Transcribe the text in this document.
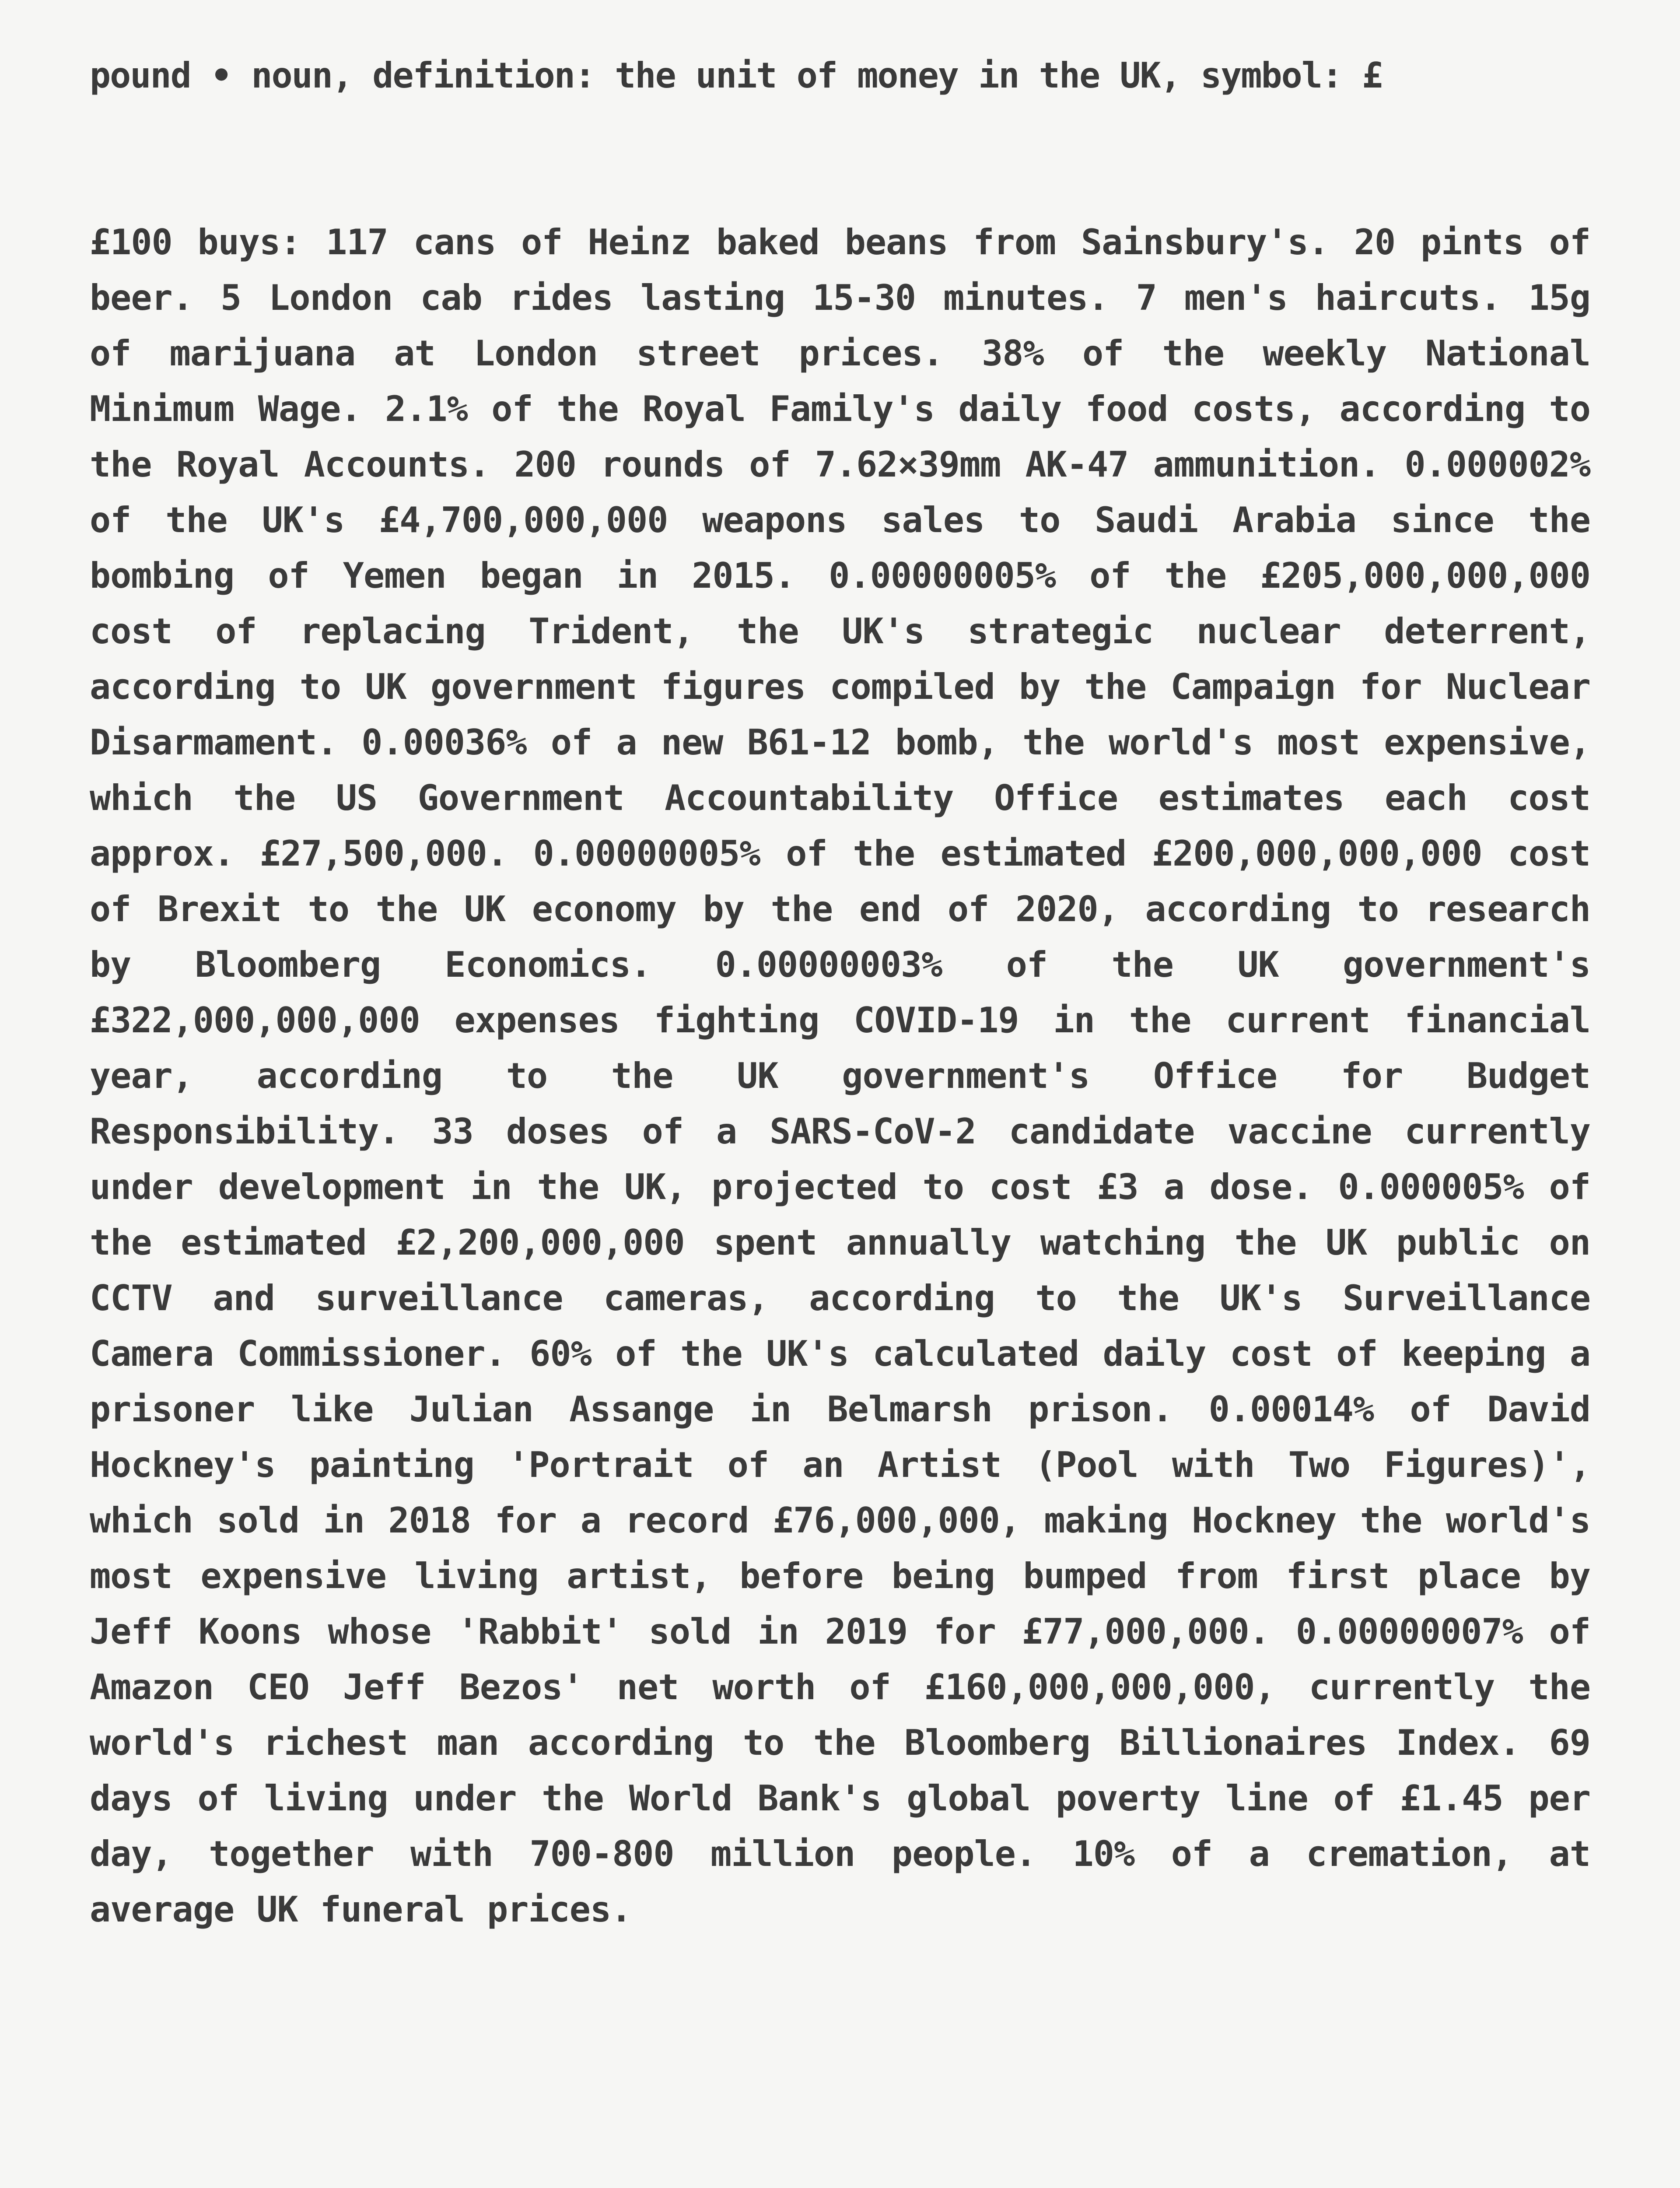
pound • noun, definition: the unit of money in the UK, symbol: £
£100 buys: 117 cans of Heinz baked beans from Sainsbury's. 20 pints of beer. 5 London cab rides lasting 15-30 minutes. 7 men's haircuts. 15g of marijuana at London street prices. 38% of the weekly National Minimum Wage. 2.1% of the Royal Family's daily food costs, according to the Royal Accounts. 200 rounds of 7.62×39mm AK-47 ammunition. 0.000002% of the UK's £4,700,000,000 weapons sales to Saudi Arabia since the bombing of Yemen began in 2015. 0.00000005% of the £205,000,000,000 cost of replacing Trident, the UK's strategic nuclear deterrent, according to UK government figures compiled by the Campaign for Nuclear Disarmament. 0.00036% of a new B61-12 bomb, the world's most expensive, which the US Government Accountability Office estimates each cost approx. £27,500,000. 0.00000005% of the estimated £200,000,000,000 cost of Brexit to the UK economy by the end of 2020, according to research by Bloomberg Economics. 0.00000003% of the UK government's £322,000,000,000 expenses fighting COVID-19 in the current financial year, according to the UK government's Office for Budget Responsibility. 33 doses of a SARS-CoV-2 candidate vaccine currently under development in the UK, projected to cost £3 a dose. 0.000005% of the estimated £2,200,000,000 spent annually watching the UK public on CCTV and surveillance cameras, according to the UK's Surveillance Camera Commissioner. 60% of the UK's calculated daily cost of keeping a prisoner like Julian Assange in Belmarsh prison. 0.00014% of David Hockney's painting 'Portrait of an Artist (Pool with Two Figures)', which sold in 2018 for a record £76,000,000, making Hockney the world's most expensive living artist, before being bumped from first place by Jeff Koons whose 'Rabbit' sold in 2019 for £77,000,000. 0.00000007% of Amazon CEO Jeff Bezos' net worth of £160,000,000,000, currently the world's richest man according to the Bloomberg Billionaires Index. 69 days of living under the World Bank's global poverty line of £1.45 per day, together with 700-800 million people. 10% of a cremation, at average UK funeral prices.
